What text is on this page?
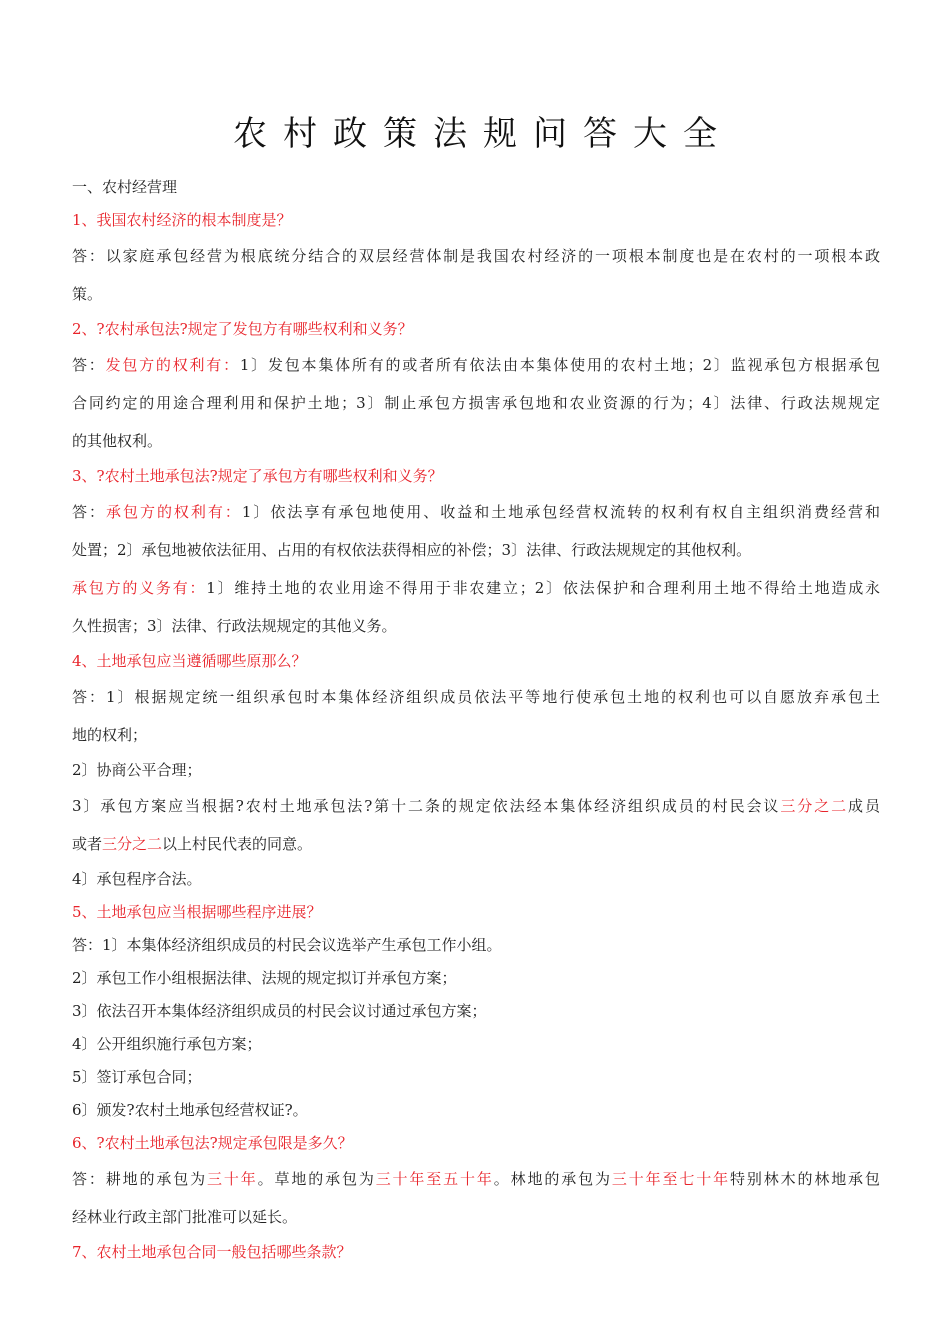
农村政策法规问答大全
一、农村经营理
1、我国农村经济的根本制度是？
答：以家庭承包经营为根底统分结合的双层经营体制是我国农村经济的一项根本制度也是在农村的一项根本政
策。
2、?农村承包法?规定了发包方有哪些权利和义务？
答：发包方的权利有：1〕发包本集体所有的或者所有依法由本集体使用的农村土地；2〕监视承包方根据承包
合同约定的用途合理利用和保护土地；3〕制止承包方损害承包地和农业资源的行为；4〕法律、行政法规规定
的其他权利。
3、?农村土地承包法?规定了承包方有哪些权利和义务？
答：承包方的权利有：1〕依法享有承包地使用、收益和土地承包经营权流转的权利有权自主组织消费经营和
处置；2〕承包地被依法征用、占用的有权依法获得相应的补偿；3〕法律、行政法规规定的其他权利。
承包方的义务有：1〕维持土地的农业用途不得用于非农建立；2〕依法保护和合理利用土地不得给土地造成永
久性损害；3〕法律、行政法规规定的其他义务。
4、土地承包应当遵循哪些原那么？
答：1〕根据规定统一组织承包时本集体经济组织成员依法平等地行使承包土地的权利也可以自愿放弃承包土
地的权利；
2〕协商公平合理；
3〕承包方案应当根据?农村土地承包法?第十二条的规定依法经本集体经济组织成员的村民会议三分之二成员
或者三分之二以上村民代表的同意。
4〕承包程序合法。
5、土地承包应当根据哪些程序进展？
答：1〕本集体经济组织成员的村民会议选举产生承包工作小组。
2〕承包工作小组根据法律、法规的规定拟订并承包方案；
3〕依法召开本集体经济组织成员的村民会议讨通过承包方案；
4〕公开组织施行承包方案；
5〕签订承包合同；
6〕颁发?农村土地承包经营权证?。
6、?农村土地承包法?规定承包限是多久？
答：耕地的承包为三十年。草地的承包为三十年至五十年。林地的承包为三十年至七十年特别林木的林地承包
经林业行政主部门批准可以延长。
7、农村土地承包合同一般包括哪些条款？
